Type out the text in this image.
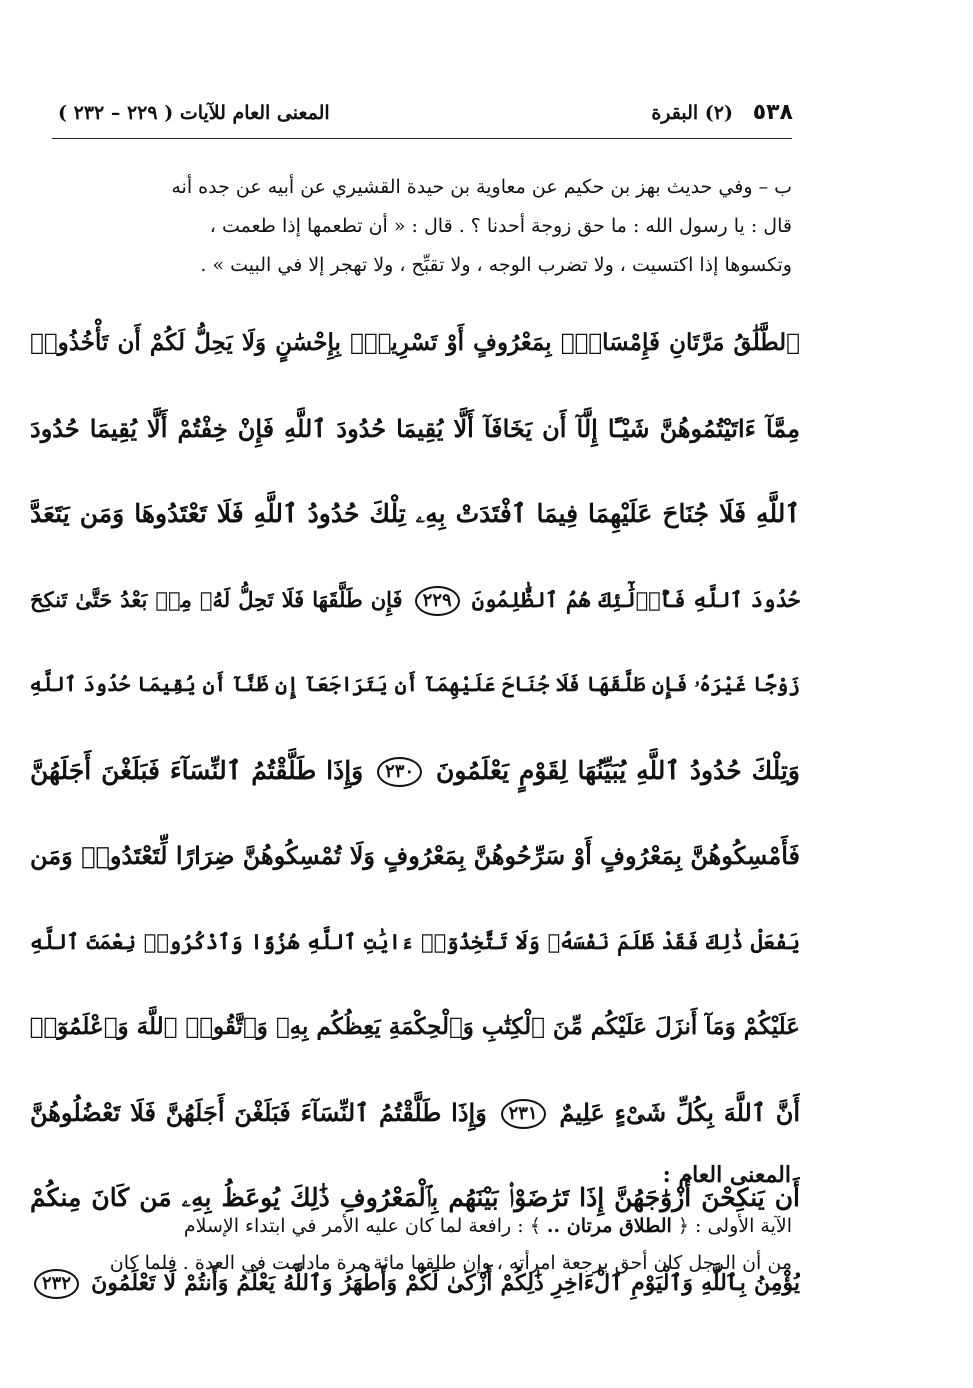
٥٣٨
(٢) البقرة
المعنى العام للآيات ( ٢٢٩ – ٢٣٢ )

ب – وفي حديث بهز بن حكيم عن معاوية بن حيدة القشيري عن أبيه عن جده أنه

قال : يا رسول الله : ما حق زوجة أحدنا ؟ . قال : « أن تطعمها إذا طعمت ،

وتكسوها إذا اكتسيت ، ولا تضرب الوجه ، ولا تقبِّح ، ولا تهجر إلا في البيت » .

ٱلطَّلَٰقُ مَرَّتَانِ فَإِمْسَاكٌۢ بِمَعْرُوفٍ أَوْ تَسْرِيحٌۢ بِإِحْسَٰنٍ وَلَا يَحِلُّ لَكُمْ أَن تَأْخُذُوا۟
مِمَّآ ءَاتَيْتُمُوهُنَّ شَيْـًٔا إِلَّآ أَن يَخَافَآ أَلَّا يُقِيمَا حُدُودَ ٱللَّهِ فَإِنْ خِفْتُمْ أَلَّا يُقِيمَا حُدُودَ
ٱللَّهِ فَلَا جُنَاحَ عَلَيْهِمَا فِيمَا ٱفْتَدَتْ بِهِۦ تِلْكَ حُدُودُ ٱللَّهِ فَلَا تَعْتَدُوهَا وَمَن يَتَعَدَّ
حُدُودَ ٱللَّهِ فَأُو۟لَٰٓئِكَ هُمُ ٱلظَّٰلِمُونَ ٢٢٩ فَإِن طَلَّقَهَا فَلَا تَحِلُّ لَهُۥ مِنۢ بَعْدُ حَتَّىٰ تَنكِحَ
زَوْجًا غَيْرَهُۥ فَإِن طَلَّقَهَا فَلَا جُنَاحَ عَلَيْهِمَآ أَن يَتَرَاجَعَآ إِن ظَنَّآ أَن يُقِيمَا حُدُودَ ٱللَّهِ
وَتِلْكَ حُدُودُ ٱللَّهِ يُبَيِّنُهَا لِقَوْمٍ يَعْلَمُونَ ٢٣٠ وَإِذَا طَلَّقْتُمُ ٱلنِّسَآءَ فَبَلَغْنَ أَجَلَهُنَّ
فَأَمْسِكُوهُنَّ بِمَعْرُوفٍ أَوْ سَرِّحُوهُنَّ بِمَعْرُوفٍ وَلَا تُمْسِكُوهُنَّ ضِرَارًا لِّتَعْتَدُوا۟ وَمَن
يَفْعَلْ ذَٰلِكَ فَقَدْ ظَلَمَ نَفْسَهُۥ وَلَا تَتَّخِذُوٓا۟ ءَايَٰتِ ٱللَّهِ هُزُوًا وَٱذْكُرُوا۟ نِعْمَتَ ٱللَّهِ
عَلَيْكُمْ وَمَآ أَنزَلَ عَلَيْكُم مِّنَ ٱلْكِتَٰبِ وَٱلْحِكْمَةِ يَعِظُكُم بِهِۦ وَٱتَّقُوا۟ ٱللَّهَ وَٱعْلَمُوٓا۟
أَنَّ ٱللَّهَ بِكُلِّ شَىْءٍ عَلِيمٌ ٢٣١ وَإِذَا طَلَّقْتُمُ ٱلنِّسَآءَ فَبَلَغْنَ أَجَلَهُنَّ فَلَا تَعْضُلُوهُنَّ
أَن يَنكِحْنَ أَزْوَٰجَهُنَّ إِذَا تَرَٰضَوْا۟ بَيْنَهُم بِٱلْمَعْرُوفِ ذَٰلِكَ يُوعَظُ بِهِۦ مَن كَانَ مِنكُمْ
يُؤْمِنُ بِٱللَّهِ وَٱلْيَوْمِ ٱلْءَاخِرِ ذَٰلِكُمْ أَزْكَىٰ لَكُمْ وَأَطْهَرُ وَٱللَّهُ يَعْلَمُ وَأَنتُمْ لَا تَعْلَمُونَ ٢٣٢
المعنى العام :

الآية الأولى : ﴿ الطلاق مرتان .. ﴾ : رافعة لما كان عليه الأمر في ابتداء الإسلام

من أن الرجل كان أحق برجعة امرأته ، وإن طلقها مائة مرة مادامت في العدة . فلما كان
